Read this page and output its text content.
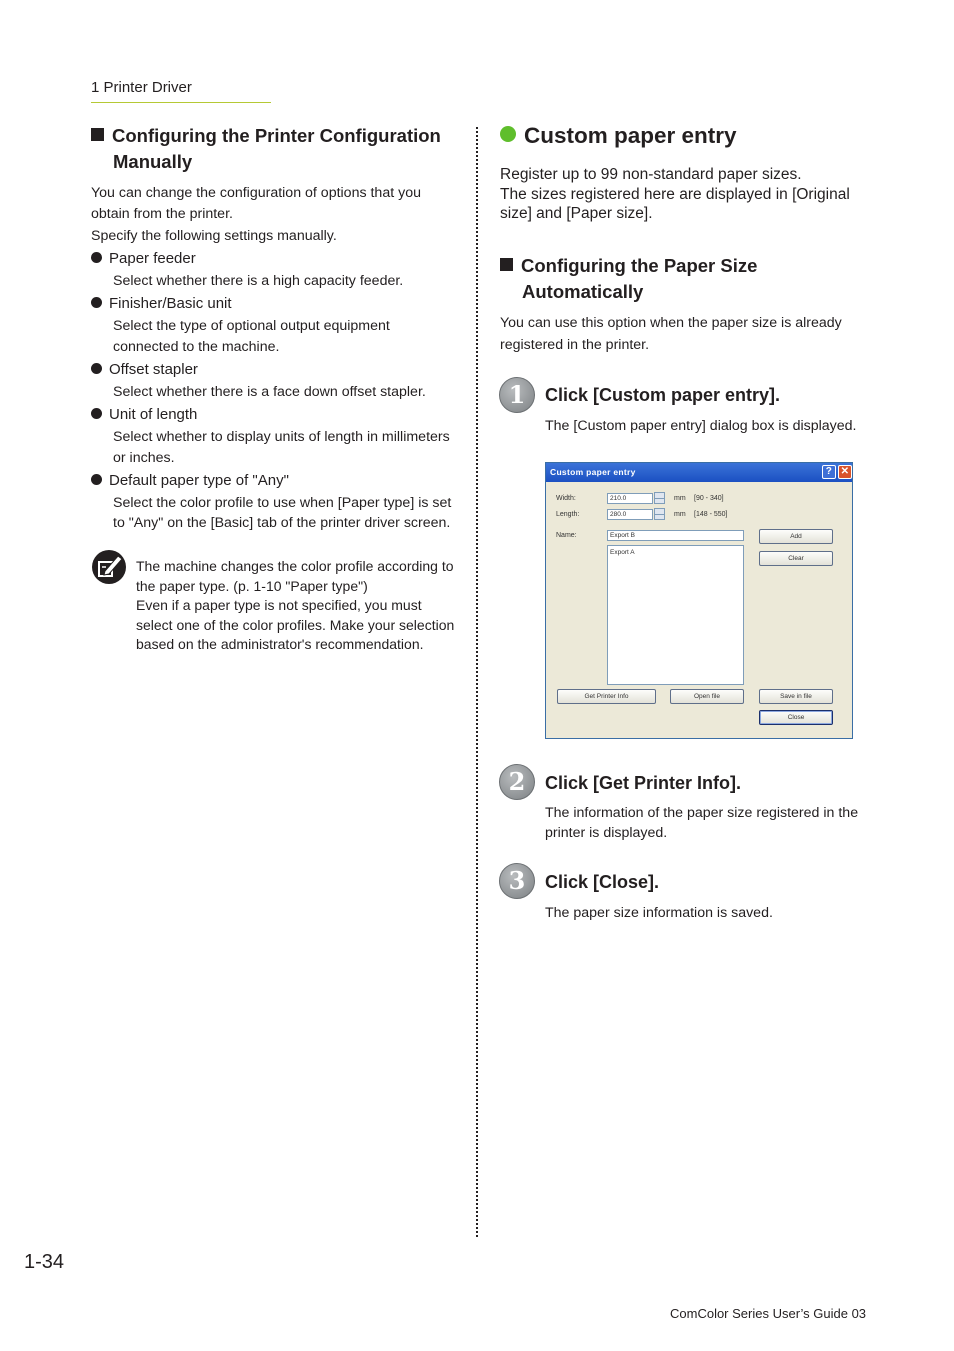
1 Printer Driver
Configuring the Printer Configuration
Manually
You can change the configuration of options that you
obtain from the printer.
Specify the following settings manually.
Paper feeder
Select whether there is a high capacity feeder.
Finisher/Basic unit
Select the type of optional output equipment
connected to the machine.
Offset stapler
Select whether there is a face down offset stapler.
Unit of length
Select whether to display units of length in millimeters
or inches.
Default paper type of "Any"
Select the color profile to use when [Paper type] is set
to "Any" on the [Basic] tab of the printer driver screen.
The machine changes the color profile according to
the paper type. (p. 1-10 "Paper type")
Even if a paper type is not specified, you must
select one of the color profiles. Make your selection
based on the administrator's recommendation.
Custom paper entry
Register up to 99 non-standard paper sizes.
The sizes registered here are displayed in [Original
size] and [Paper size].
Configuring the Paper Size
Automatically
You can use this option when the paper size is already
registered in the printer.
1	Click [Custom paper entry].
The [Custom paper entry] dialog box is displayed.
Custom paper entry	? ✕
Width:	210.0	mm [90 - 340]
Length:	280.0	mm [148 - 550]
Name:	Export B
Export A
Add
Clear
Get Printer Info	Open file	Save in file
Close
2	Click [Get Printer Info].
The information of the paper size registered in the
printer is displayed.
3	Click [Close].
The paper size information is saved.
1-34
ComColor Series User’s Guide 03
